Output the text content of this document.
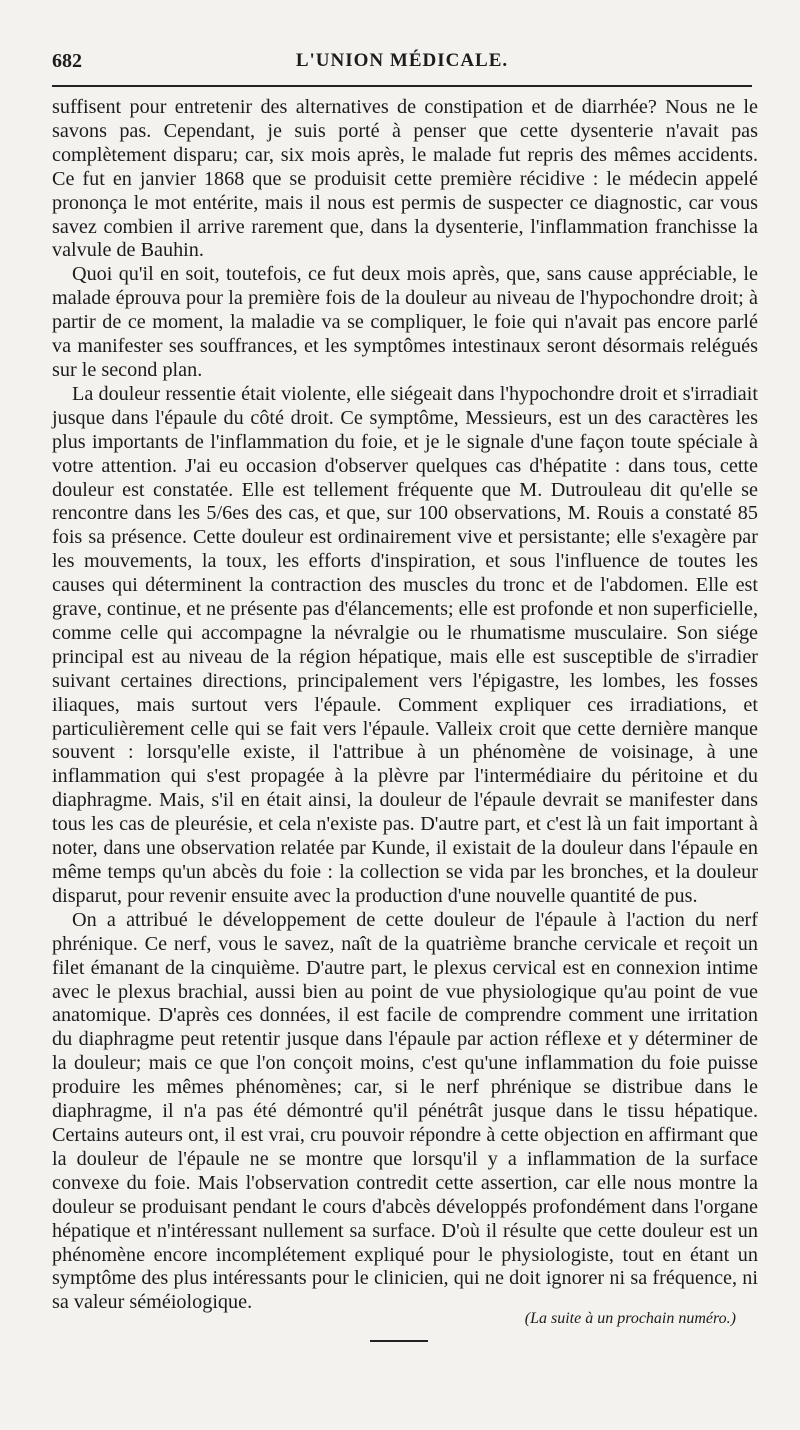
682	L'UNION MÉDICALE.

suffisent pour entretenir des alternatives de constipation et de diarrhée? Nous ne le savons pas. Cependant, je suis porté à penser que cette dysenterie n'avait pas complètement disparu; car, six mois après, le malade fut repris des mêmes accidents. Ce fut en janvier 1868 que se produisit cette première récidive : le médecin appelé prononça le mot entérite, mais il nous est permis de suspecter ce diagnostic, car vous savez combien il arrive rarement que, dans la dysenterie, l'inflammation franchisse la valvule de Bauhin.

Quoi qu'il en soit, toutefois, ce fut deux mois après, que, sans cause appréciable, le malade éprouva pour la première fois de la douleur au niveau de l'hypochondre droit; à partir de ce moment, la maladie va se compliquer, le foie qui n'avait pas encore parlé va manifester ses souffrances, et les symptômes intestinaux seront désormais relégués sur le second plan.

La douleur ressentie était violente, elle siégeait dans l'hypochondre droit et s'irradiait jusque dans l'épaule du côté droit. Ce symptôme, Messieurs, est un des caractères les plus importants de l'inflammation du foie, et je le signale d'une façon toute spéciale à votre attention. J'ai eu occasion d'observer quelques cas d'hépatite : dans tous, cette douleur est constatée. Elle est tellement fréquente que M. Dutrouleau dit qu'elle se rencontre dans les 5/6es des cas, et que, sur 100 observations, M. Rouis a constaté 85 fois sa présence. Cette douleur est ordinairement vive et persistante; elle s'exagère par les mouvements, la toux, les efforts d'inspiration, et sous l'influence de toutes les causes qui déterminent la contraction des muscles du tronc et de l'abdomen. Elle est grave, continue, et ne présente pas d'élancements; elle est profonde et non superficielle, comme celle qui accompagne la névralgie ou le rhumatisme musculaire. Son siége principal est au niveau de la région hépatique, mais elle est susceptible de s'irradier suivant certaines directions, principalement vers l'épigastre, les lombes, les fosses iliaques, mais surtout vers l'épaule. Comment expliquer ces irradiations, et particulièrement celle qui se fait vers l'épaule. Valleix croit que cette dernière manque souvent : lorsqu'elle existe, il l'attribue à un phénomène de voisinage, à une inflammation qui s'est propagée à la plèvre par l'intermédiaire du péritoine et du diaphragme. Mais, s'il en était ainsi, la douleur de l'épaule devrait se manifester dans tous les cas de pleurésie, et cela n'existe pas. D'autre part, et c'est là un fait important à noter, dans une observation relatée par Kunde, il existait de la douleur dans l'épaule en même temps qu'un abcès du foie : la collection se vida par les bronches, et la douleur disparut, pour revenir ensuite avec la production d'une nouvelle quantité de pus.

On a attribué le développement de cette douleur de l'épaule à l'action du nerf phrénique. Ce nerf, vous le savez, naît de la quatrième branche cervicale et reçoit un filet émanant de la cinquième. D'autre part, le plexus cervical est en connexion intime avec le plexus brachial, aussi bien au point de vue physiologique qu'au point de vue anatomique. D'après ces données, il est facile de comprendre comment une irritation du diaphragme peut retentir jusque dans l'épaule par action réflexe et y déterminer de la douleur; mais ce que l'on conçoit moins, c'est qu'une inflammation du foie puisse produire les mêmes phénomènes; car, si le nerf phrénique se distribue dans le diaphragme, il n'a pas été démontré qu'il pénétrât jusque dans le tissu hépatique. Certains auteurs ont, il est vrai, cru pouvoir répondre à cette objection en affirmant que la douleur de l'épaule ne se montre que lorsqu'il y a inflammation de la surface convexe du foie. Mais l'observation contredit cette assertion, car elle nous montre la douleur se produisant pendant le cours d'abcès développés profondément dans l'organe hépatique et n'intéressant nullement sa surface. D'où il résulte que cette douleur est un phénomène encore incomplétement expliqué pour le physiologiste, tout en étant un symptôme des plus intéressants pour le clinicien, qui ne doit ignorer ni sa fréquence, ni sa valeur séméiologique.

(La suite à un prochain numéro.)
